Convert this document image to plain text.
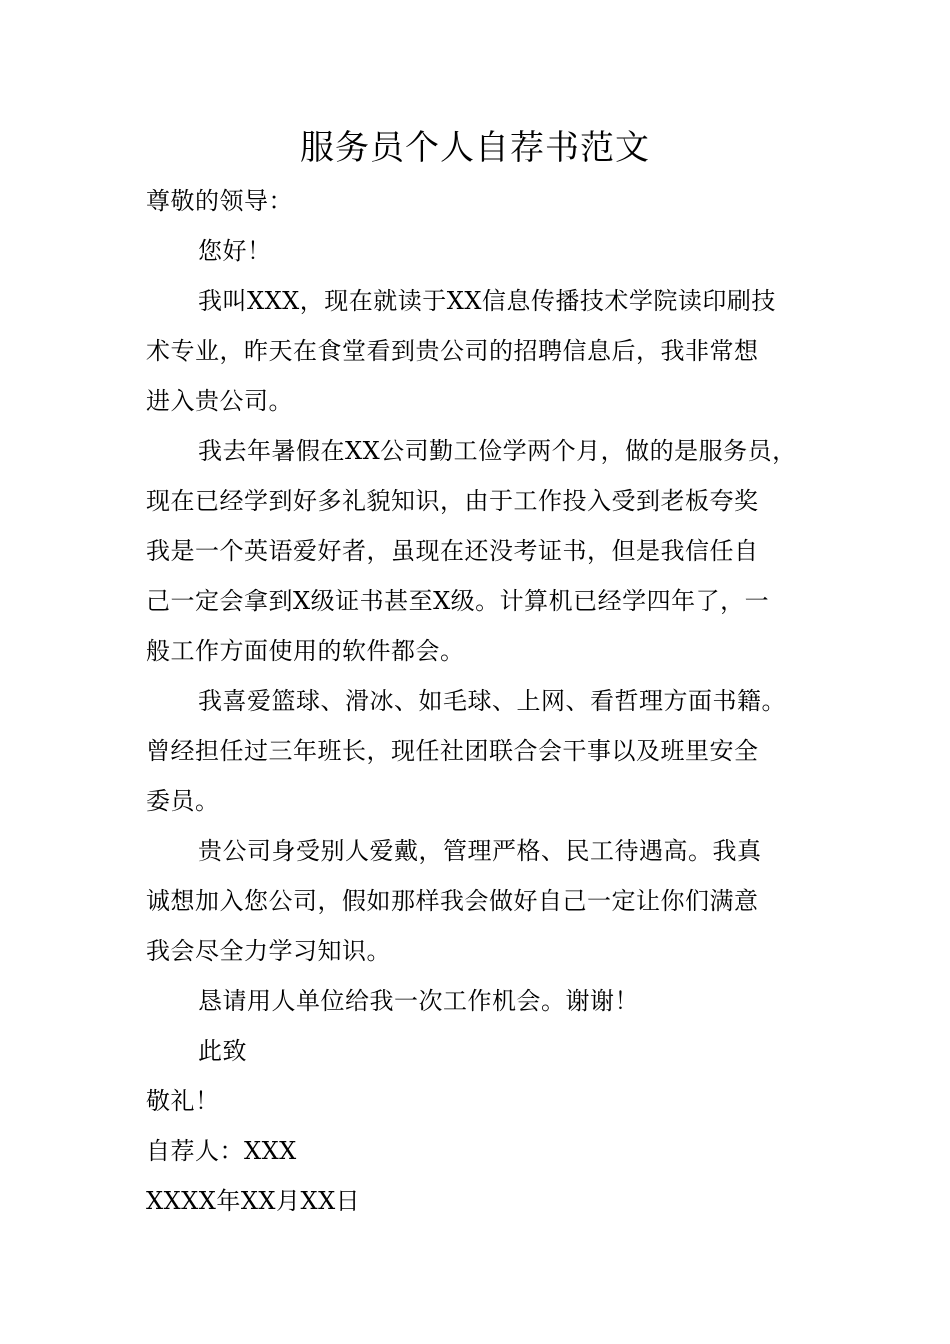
服务员个人自荐书范文
尊敬的领导：
您好！
我叫XXX，现在就读于XX信息传播技术学院读印刷技
术专业，昨天在食堂看到贵公司的招聘信息后，我非常想
进入贵公司。
我去年暑假在XX公司勤工俭学两个月，做的是服务员，
现在已经学到好多礼貌知识，由于工作投入受到老板夸奖
我是一个英语爱好者，虽现在还没考证书，但是我信任自
己一定会拿到X级证书甚至X级。计算机已经学四年了，一
般工作方面使用的软件都会。
我喜爱篮球、滑冰、如毛球、上网、看哲理方面书籍。
曾经担任过三年班长，现任社团联合会干事以及班里安全
委员。
贵公司身受别人爱戴，管理严格、民工待遇高。我真
诚想加入您公司，假如那样我会做好自己一定让你们满意
我会尽全力学习知识。
恳请用人单位给我一次工作机会。谢谢！
此致
敬礼！
自荐人：XXX
XXXX年XX月XX日
